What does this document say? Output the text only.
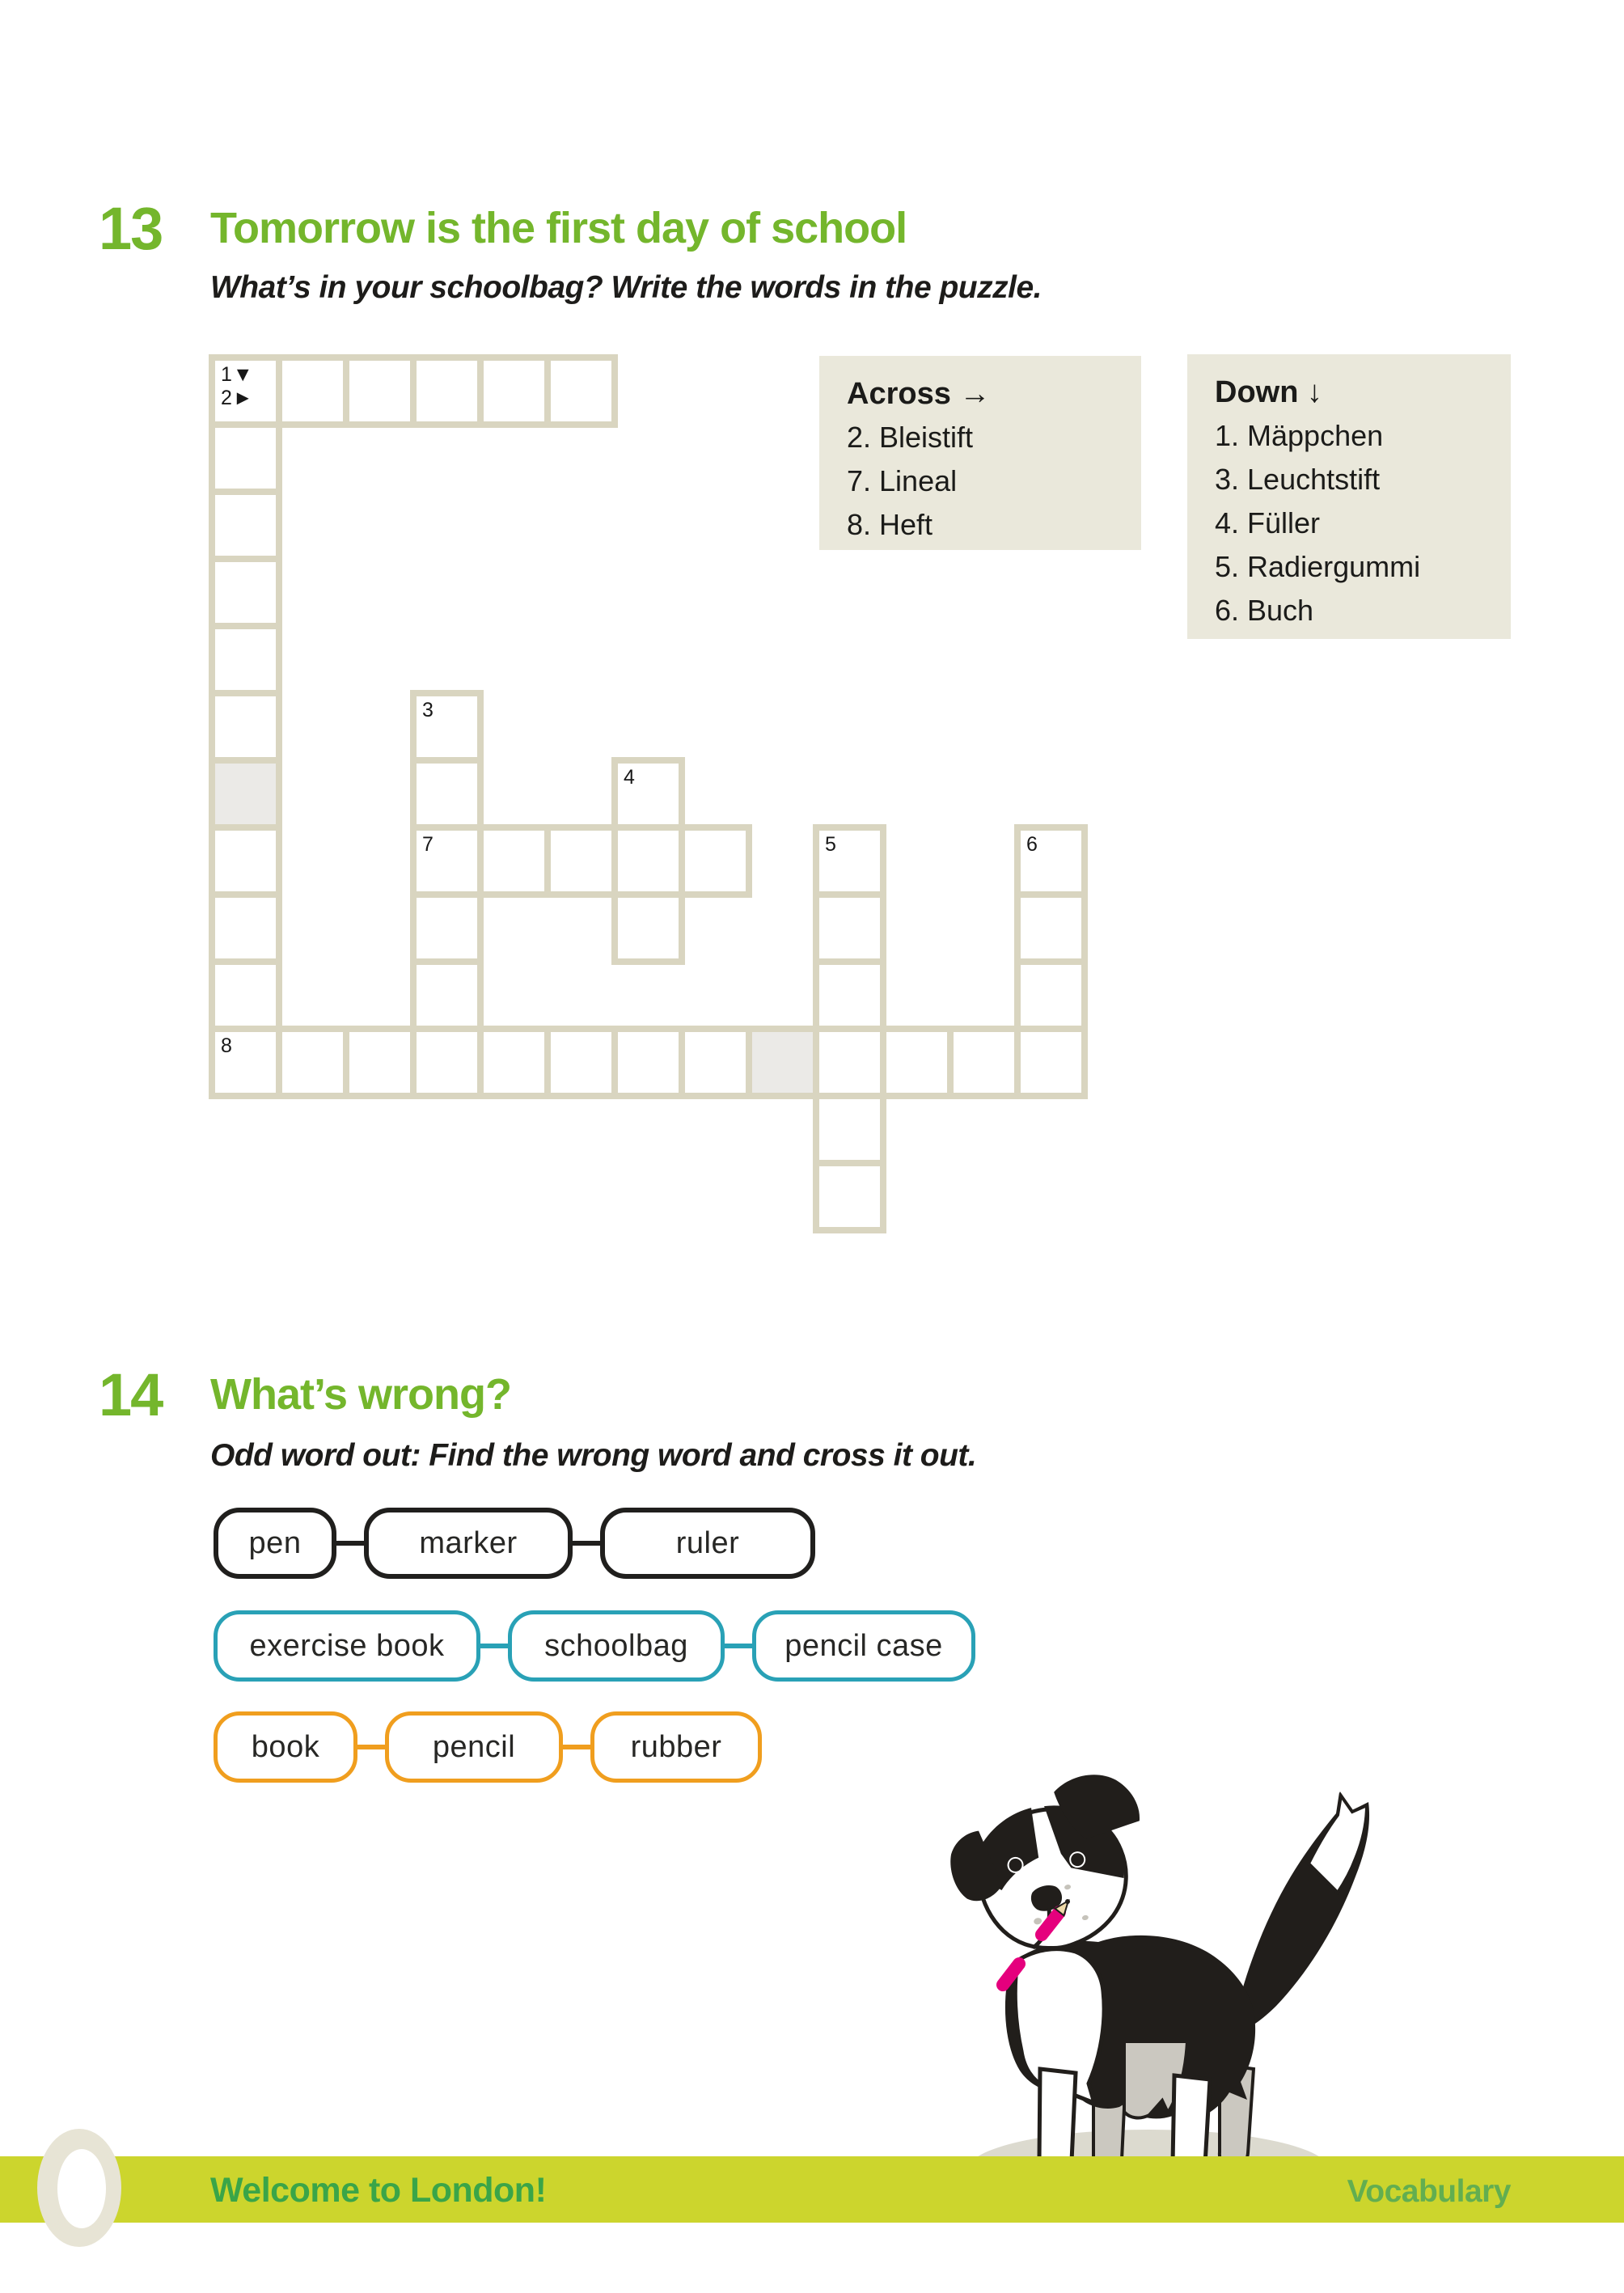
13 Tomorrow is the first day of school
What’s in your schoolbag? Write the words in the puzzle.
1▼ 2►
3
4
7	5	6
8
Across →
2. Bleistift
7. Lineal
8. Heft
Down ↓
1. Mäppchen
3. Leuchtstift
4. Füller
5. Radiergummi
6. Buch
14 What’s wrong?
Odd word out: Find the wrong word and cross it out.
pen	marker	ruler
exercise book	schoolbag	pencil case
book	pencil	rubber
Welcome to London!	Vocabulary
